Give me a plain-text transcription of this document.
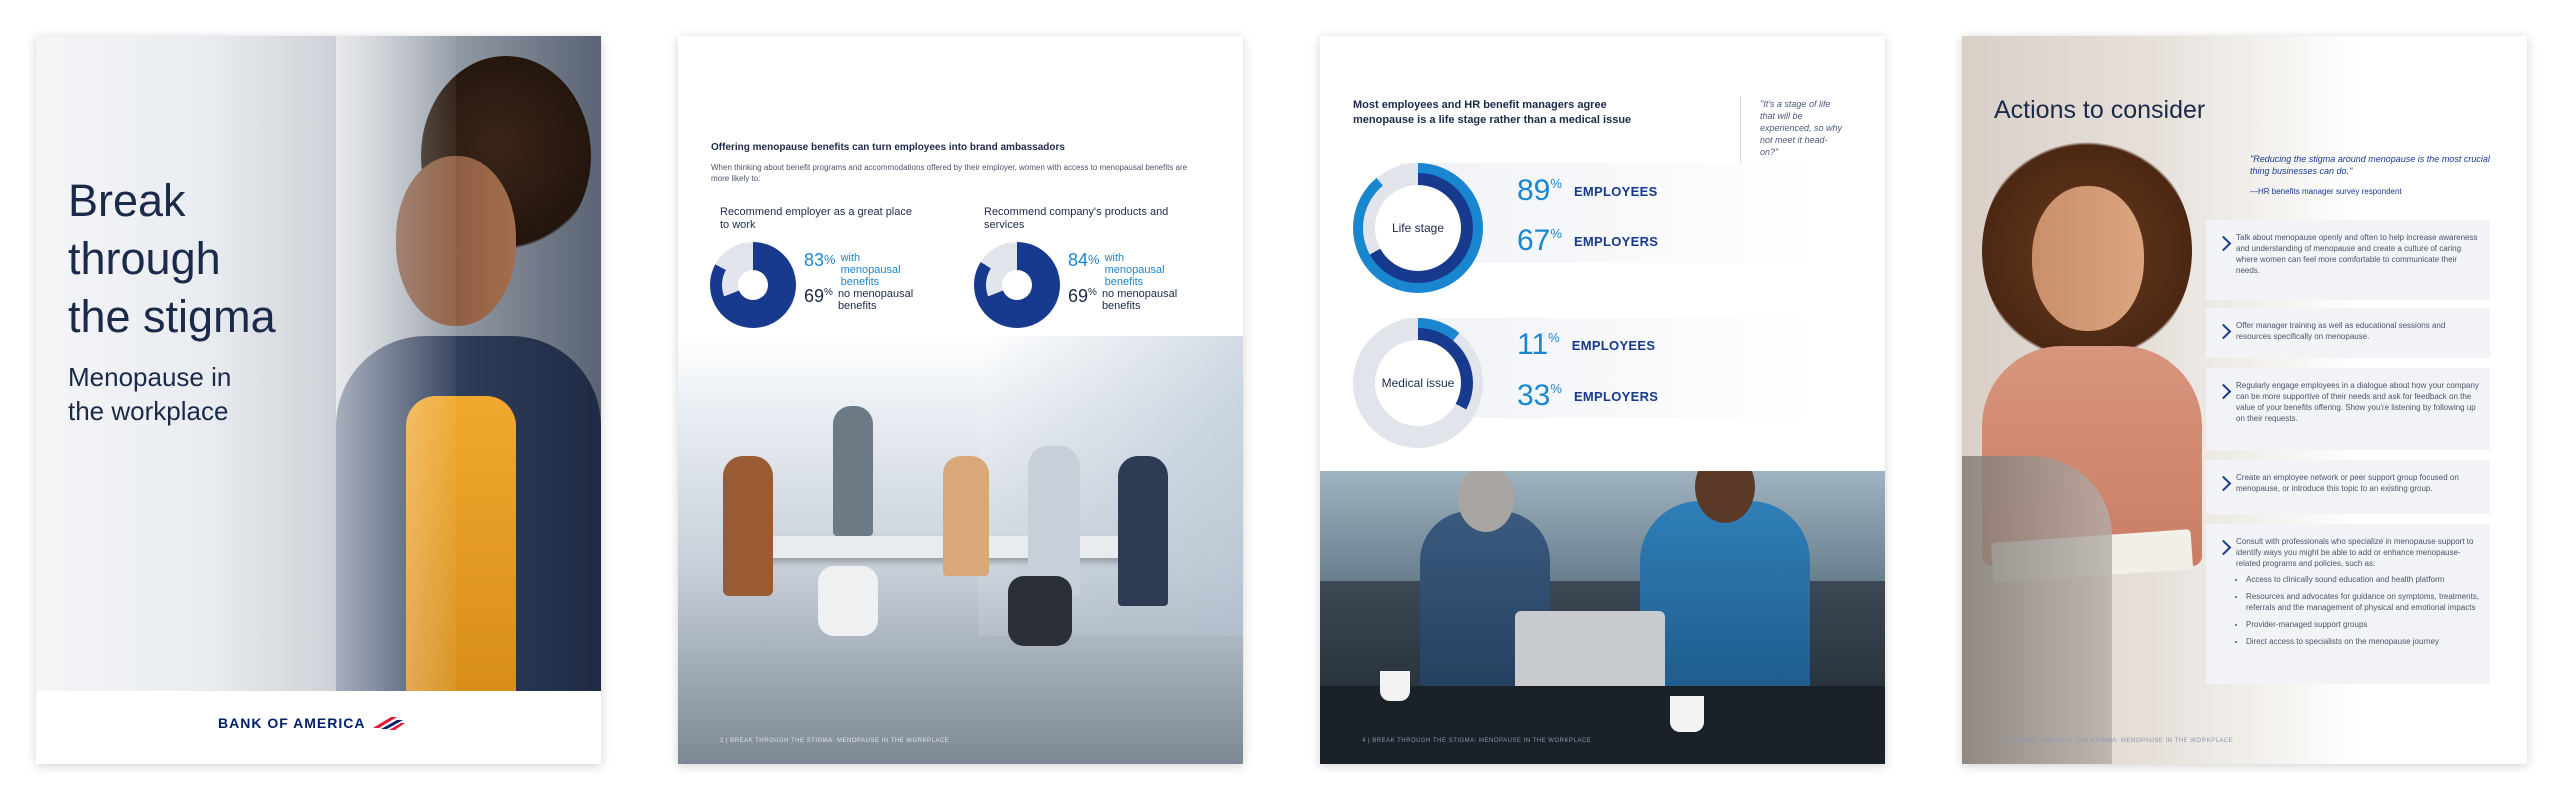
Break
through
the stigma
Menopause in
the workplace
BANK OF AMERICA
Offering menopause benefits can turn employees into brand ambassadors
When thinking about benefit programs and accommodations offered by their employer, women with access to menopausal benefits are more likely to:
Recommend employer as a great place to work
83% with menopausal benefits
69% no menopausal benefits
Recommend company's products and services
84% with menopausal benefits
69% no menopausal benefits
2 | BREAK THROUGH THE STIGMA: MENOPAUSE IN THE WORKPLACE
Most employees and HR benefit managers agree menopause is a life stage rather than a medical issue
"It's a stage of life that will be experienced, so why not meet it head-on?"
Life stage
89% EMPLOYEES
67% EMPLOYERS
Medical issue
11% EMPLOYEES
33% EMPLOYERS
4 | BREAK THROUGH THE STIGMA: MENOPAUSE IN THE WORKPLACE
Actions to consider
"Reducing the stigma around menopause is the most crucial thing businesses can do."
—HR benefits manager survey respondent
Talk about menopause openly and often to help increase awareness and understanding of menopause and create a culture of caring where women can feel more comfortable to communicate their needs.
Offer manager training as well as educational sessions and resources specifically on menopause.
Regularly engage employees in a dialogue about how your company can be more supportive of their needs and ask for feedback on the value of your benefits offering. Show you're listening by following up on their requests.
Create an employee network or peer support group focused on menopause, or introduce this topic to an existing group.
Consult with professionals who specialize in menopause support to identify ways you might be able to add or enhance menopause-related programs and policies, such as:
• Access to clinically sound education and health platform
• Resources and advocates for guidance on symptoms, treatments, referrals and the management of physical and emotional impacts
• Provider-managed support groups
• Direct access to specialists on the menopause journey
6 | BREAK THROUGH THE STIGMA: MENOPAUSE IN THE WORKPLACE
